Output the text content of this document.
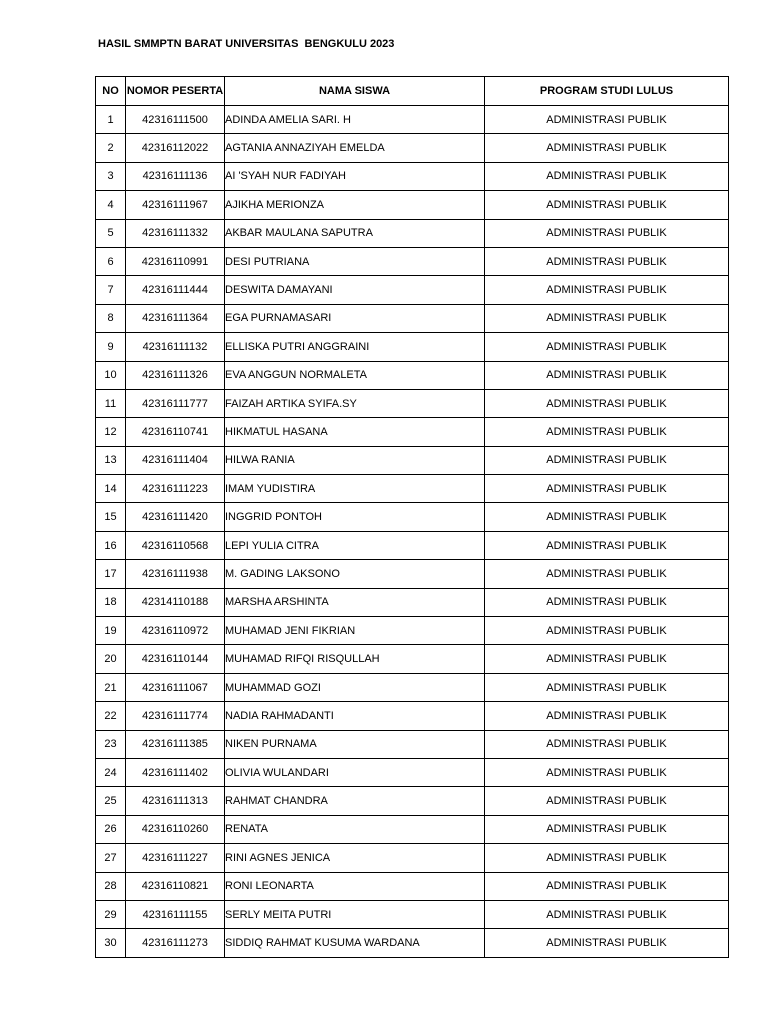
HASIL SMMPTN BARAT UNIVERSITAS  BENGKULU 2023
NO	NOMOR PESERTA	NAMA SISWA	PROGRAM STUDI LULUS
1	42316111500	ADINDA AMELIA SARI. H	ADMINISTRASI PUBLIK
2	42316112022	AGTANIA ANNAZIYAH EMELDA	ADMINISTRASI PUBLIK
3	42316111136	AI 'SYAH NUR FADIYAH	ADMINISTRASI PUBLIK
4	42316111967	AJIKHA MERIONZA	ADMINISTRASI PUBLIK
5	42316111332	AKBAR MAULANA SAPUTRA	ADMINISTRASI PUBLIK
6	42316110991	DESI PUTRIANA	ADMINISTRASI PUBLIK
7	42316111444	DESWITA DAMAYANI	ADMINISTRASI PUBLIK
8	42316111364	EGA PURNAMASARI	ADMINISTRASI PUBLIK
9	42316111132	ELLISKA PUTRI ANGGRAINI	ADMINISTRASI PUBLIK
10	42316111326	EVA ANGGUN NORMALETA	ADMINISTRASI PUBLIK
11	42316111777	FAIZAH ARTIKA SYIFA.SY	ADMINISTRASI PUBLIK
12	42316110741	HIKMATUL HASANA	ADMINISTRASI PUBLIK
13	42316111404	HILWA RANIA	ADMINISTRASI PUBLIK
14	42316111223	IMAM YUDISTIRA	ADMINISTRASI PUBLIK
15	42316111420	INGGRID PONTOH	ADMINISTRASI PUBLIK
16	42316110568	LEPI YULIA CITRA	ADMINISTRASI PUBLIK
17	42316111938	M. GADING LAKSONO	ADMINISTRASI PUBLIK
18	42314110188	MARSHA ARSHINTA	ADMINISTRASI PUBLIK
19	42316110972	MUHAMAD JENI FIKRIAN	ADMINISTRASI PUBLIK
20	42316110144	MUHAMAD RIFQI RISQULLAH	ADMINISTRASI PUBLIK
21	42316111067	MUHAMMAD GOZI	ADMINISTRASI PUBLIK
22	42316111774	NADIA RAHMADANTI	ADMINISTRASI PUBLIK
23	42316111385	NIKEN PURNAMA	ADMINISTRASI PUBLIK
24	42316111402	OLIVIA WULANDARI	ADMINISTRASI PUBLIK
25	42316111313	RAHMAT CHANDRA	ADMINISTRASI PUBLIK
26	42316110260	RENATA	ADMINISTRASI PUBLIK
27	42316111227	RINI AGNES JENICA	ADMINISTRASI PUBLIK
28	42316110821	RONI LEONARTA	ADMINISTRASI PUBLIK
29	42316111155	SERLY MEITA PUTRI	ADMINISTRASI PUBLIK
30	42316111273	SIDDIQ RAHMAT KUSUMA WARDANA	ADMINISTRASI PUBLIK
